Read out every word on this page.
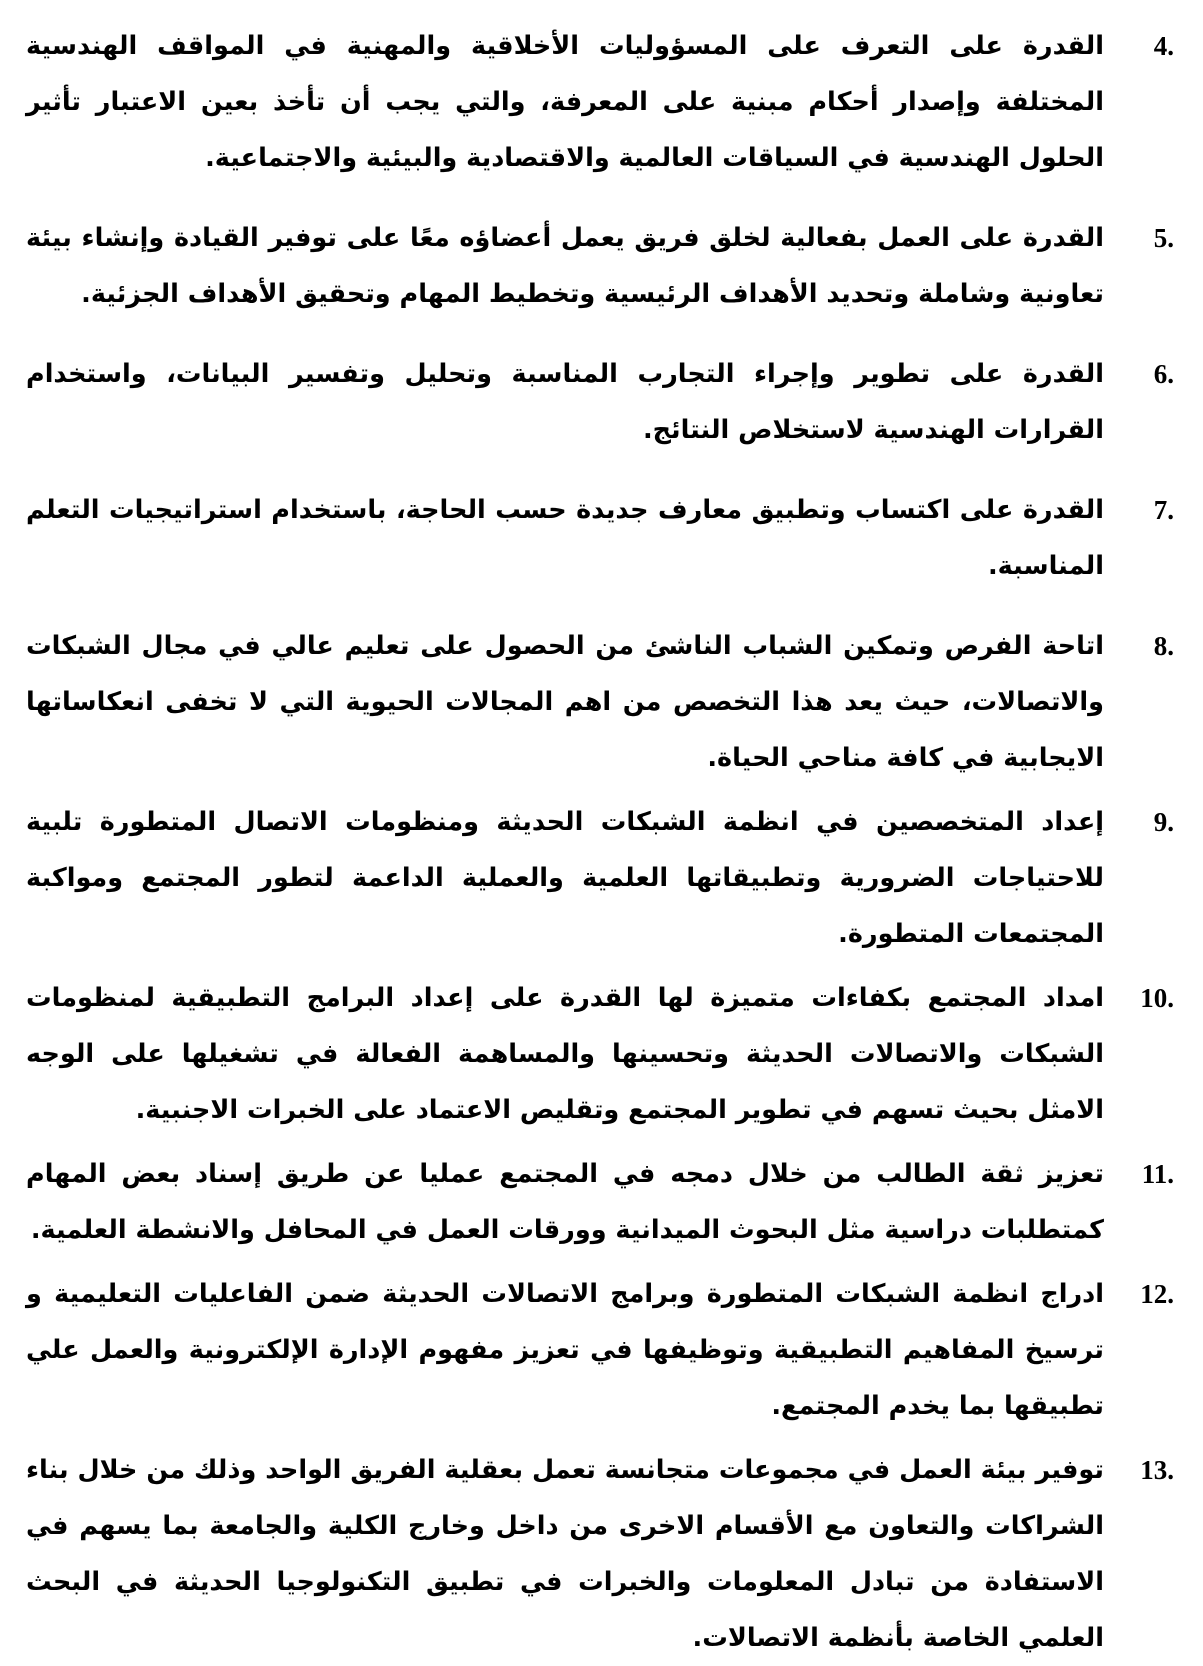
4.
القدرة على التعرف على المسؤوليات الأخلاقية والمهنية في المواقف الهندسية المختلفة وإصدار أحكام مبنية على المعرفة، والتي يجب أن تأخذ بعين الاعتبار تأثير الحلول الهندسية في السياقات العالمية والاقتصادية والبيئية والاجتماعية.
5.
القدرة على العمل بفعالية لخلق فريق يعمل أعضاؤه معًا على توفير القيادة وإنشاء بيئة تعاونية وشاملة وتحديد الأهداف الرئيسية وتخطيط المهام وتحقيق الأهداف الجزئية.
6.
القدرة على تطوير وإجراء التجارب المناسبة وتحليل وتفسير البيانات، واستخدام القرارات الهندسية لاستخلاص النتائج.
7.
القدرة على اكتساب وتطبيق معارف جديدة حسب الحاجة، باستخدام استراتيجيات التعلم المناسبة.
8.
اتاحة الفرص وتمكين الشباب الناشئ من الحصول على تعليم عالي في مجال الشبكات والاتصالات، حيث يعد هذا التخصص من اهم المجالات الحيوية التي لا تخفى انعكاساتها الايجابية في كافة مناحي الحياة.
9.
إعداد المتخصصين في انظمة الشبكات الحديثة ومنظومات الاتصال المتطورة تلبية للاحتياجات الضرورية وتطبيقاتها العلمية والعملية الداعمة لتطور المجتمع ومواكبة المجتمعات المتطورة.
10.
امداد المجتمع بكفاءات متميزة لها القدرة على إعداد البرامج التطبيقية لمنظومات الشبكات والاتصالات الحديثة وتحسينها والمساهمة الفعالة في تشغيلها على الوجه الامثل بحيث تسهم في تطوير المجتمع وتقليص الاعتماد على الخبرات الاجنبية.
11.
تعزيز ثقة الطالب من خلال دمجه في المجتمع عمليا عن طريق إسناد بعض المهام كمتطلبات دراسية مثل البحوث الميدانية وورقات العمل في المحافل والانشطة العلمية.
12.
ادراج انظمة الشبكات المتطورة وبرامج الاتصالات الحديثة ضمن الفاعليات التعليمية و ترسيخ المفاهيم التطبيقية وتوظيفها في تعزيز مفهوم الإدارة الإلكترونية والعمل علي تطبيقها بما يخدم المجتمع.
13.
توفير بيئة العمل في مجموعات متجانسة تعمل بعقلية الفريق الواحد وذلك من خلال بناء الشراكات والتعاون مع الأقسام الاخرى من داخل وخارج الكلية والجامعة بما يسهم في الاستفادة من تبادل المعلومات والخبرات في تطبيق التكنولوجيا الحديثة في البحث العلمي الخاصة بأنظمة الاتصالات.
